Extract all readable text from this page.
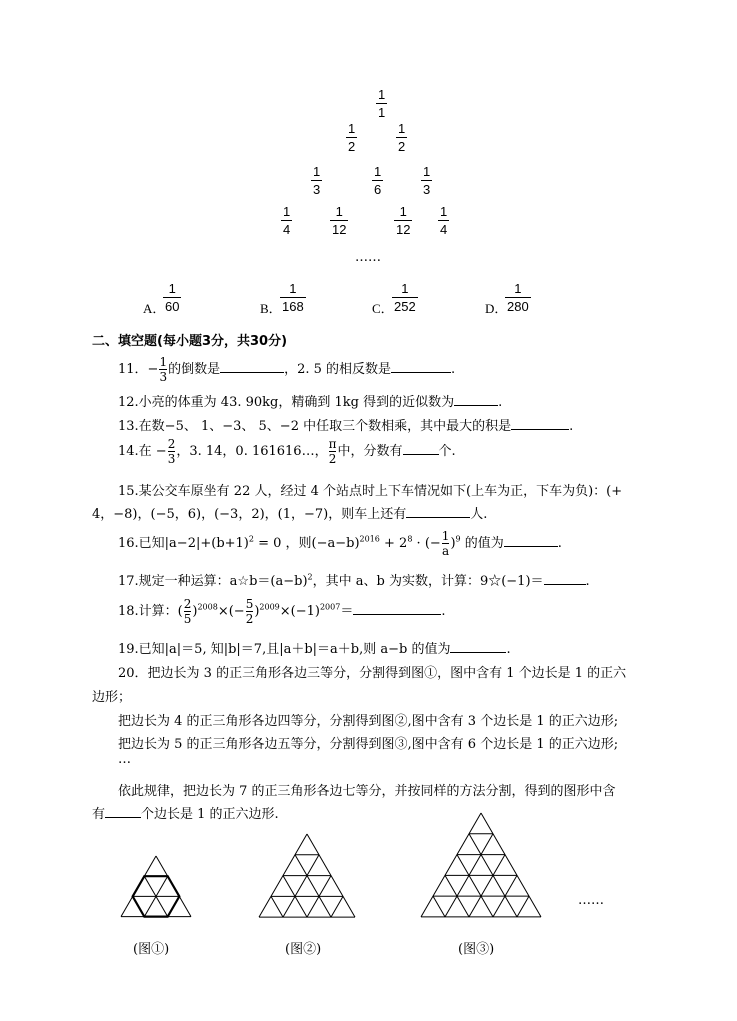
1
1
1
2
1
2
1
3
1
6
1
3
1
4
1
12
1
12
1
4
……
A．
1
60	B．
1
168	C．
1
252	D．
1
280
二、填空题(每小题3分，共30分)
11．− $\frac{1}{3}$ 的倒数是	，2. 5 的相反数是	.
12.小亮的体重为 43. 90kg，精确到 1kg 得到的近似数为	.
13.在数−5、 1、−3、 5、−2 中任取三个数相乘，其中最大的积是	.
14.在 − $\frac{2}{3}$ ，3. 14，0. 161616…， $\frac{\pi}{2}$ 中，分数有	个.
15.某公交车原坐有 22 人，经过 4 个站点时上下车情况如下(上车为正，下车为负)：(+
4，−8)，(−5，6)，(−3，2)，(1，−7)，则车上还有	人.
16.已知$|a-2|+(b+1)^2 = 0$ ，则$(-a-b)^{2016} + 2^8$ · (− $\frac{1}{a} )^9$ 的值为	.
17.规定一种运算：$a☆b=(a-b)^2$，其中 a、b 为实数，计算：9☆(−1)＝	.
18.计算：( $\frac{2}{5} )^{2008}\times(- \frac{5}{2} )^{2009}\times(-1)^{2007}=$	.
19.已知|a|＝5, 知|b|＝7,且|a＋b|＝a＋b,则 a−b 的值为	.
20．把边长为 3 的正三角形各边三等分，分割得到图①，图中含有 1 个边长是 1 的正六
边形；
把边长为 4 的正三角形各边四等分，分割得到图②,图中含有 3 个边长是 1 的正六边形;
把边长为 5 的正三角形各边五等分，分割得到图③,图中含有 6 个边长是 1 的正六边形;
…
依此规律，把边长为 7 的正三角形各边七等分，并按同样的方法分割，得到的图形中含
有	个边长是 1 的正六边形.
……
(图①)	(图②)	(图③)
